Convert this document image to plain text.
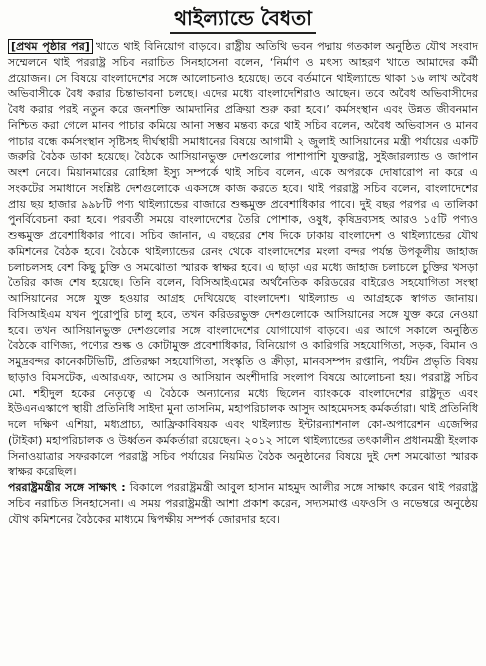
থাইল্যান্ডে বৈধতা

[প্রথম পৃষ্ঠার পর] খাতে থাই বিনিয়োগ বাড়বে। রাষ্ট্রীয় অতিথি ভবন পদ্মায় গতকাল অনুষ্ঠিত যৌথ সংবাদ সম্মেলনে থাই পররাষ্ট্র সচিব নরাচিত সিনহাসেনা বলেন, ‘নির্মাণ ও মৎস্য আহরণ খাতে আমাদের কর্মী প্রয়োজন। সে বিষয়ে বাংলাদেশের সঙ্গে আলোচনাও হয়েছে। তবে বর্তমানে থাইল্যান্ডে থাকা ১৬ লাখ অবৈধ অভিবাসীকে বৈধ করার চিন্তাভাবনা চলছে। এদের মধ্যে বাংলাদেশিরাও আছেন। তবে অবৈধ অভিবাসীদের বৈধ করার পরই নতুন করে জনশক্তি আমদানির প্রক্রিয়া শুরু করা হবে।’ কর্মসংস্থান এবং উন্নত জীবনমান নিশ্চিত করা গেলে মানব পাচার কমিয়ে আনা সম্ভব মন্তব্য করে থাই সচিব বলেন, অবৈধ অভিবাসন ও মানব পাচার বন্ধে কর্মসংস্থান সৃষ্টিসহ দীর্ঘস্থায়ী সমাধানের বিষয়ে আগামী ২ জুলাই আসিয়ানের মন্ত্রী পর্যায়ের একটি জরুরি বৈঠক ডাকা হয়েছে। বৈঠকে আসিয়ানভুক্ত দেশগুলোর পাশাপাশি যুক্তরাষ্ট্র, সুইজারল্যান্ড ও জাপান অংশ নেবে। মিয়ানমারের রোহিঙ্গা ইস্যু সম্পর্কে থাই সচিব বলেন, একে অপরকে দোষারোপ না করে এ সংকটের সমাধানে সংশ্লিষ্ট দেশগুলোকে একসঙ্গে কাজ করতে হবে। থাই পররাষ্ট্র সচিব বলেন, বাংলাদেশের প্রায় ছয় হাজার ৯৯৮টি পণ্য থাইল্যান্ডের বাজারে শুল্কমুক্ত প্রবেশাধিকার পাবে। দুই বছর পরপর এ তালিকা পুনর্বিবেচনা করা হবে। পরবর্তী সময়ে বাংলাদেশের তৈরি পোশাক, ওষুধ, কৃষিদ্রব্যসহ আরও ১৫টি পণ্যও শুল্কমুক্ত প্রবেশাধিকার পাবে। সচিব জানান, এ বছরের শেষ দিকে ঢাকায় বাংলাদেশ ও থাইল্যান্ডের যৌথ কমিশনের বৈঠক হবে। বৈঠকে থাইল্যান্ডের রেনং থেকে বাংলাদেশের মংলা বন্দর পর্যন্ত উপকূলীয় জাহাজ চলাচলসহ বেশ কিছু চুক্তি ও সমঝোতা স্মারক স্বাক্ষর হবে। এ ছাড়া এর মধ্যে জাহাজ চলাচলে চুক্তির খসড়া তৈরির কাজ শেষ হয়েছে। তিনি বলেন, বিসিআইএমের অর্থনৈতিক করিডরের বাইরেও সহযোগিতা সংস্থা আসিয়ানের সঙ্গে যুক্ত হওয়ার আগ্রহ দেখিয়েছে বাংলাদেশ। থাইল্যান্ড এ আগ্রহকে স্বাগত জানায়। বিসিআইএম যখন পুরোপুরি চালু হবে, তখন করিডরভুক্ত দেশগুলোকে আসিয়ানের সঙ্গে যুক্ত করে নেওয়া হবে। তখন আসিয়ানভুক্ত দেশগুলোর সঙ্গে বাংলাদেশের যোগাযোগ বাড়বে। এর আগে সকালে অনুষ্ঠিত বৈঠকে বাণিজ্য, পণ্যের শুল্ক ও কোটামুক্ত প্রবেশাধিকার, বিনিয়োগ ও কারিগরি সহযোগিতা, সড়ক, বিমান ও সমুদ্রবন্দর কানেকটিভিটি, প্রতিরক্ষা সহযোগিতা, সংস্কৃতি ও ক্রীড়া, মানবসম্পদ রপ্তানি, পর্যটন প্রভৃতি বিষয় ছাড়াও বিমসটেক, এআরএফ, আসেম ও আসিয়ান অংশীদারি সংলাপ বিষয়ে আলোচনা হয়। পররাষ্ট্র সচিব মো. শহীদুল হকের নেতৃত্বে এ বৈঠকে অন্যান্যের মধ্যে ছিলেন ব্যাংককে বাংলাদেশের রাষ্ট্রদূত এবং ইউএনএস্কাপে স্থায়ী প্রতিনিধি সাইদা মুনা তাসনিম, মহাপরিচালক আসুদ আহমেদসহ কর্মকর্তারা। থাই প্রতিনিধি দলে দক্ষিণ এশিয়া, মধ্যপ্রাচ্য, আফ্রিকাবিষয়ক এবং থাইল্যান্ড ইন্টারন্যাশনাল কো-অপারেশন এজেন্সির (টাইকা) মহাপরিচালক ও উর্ধ্বতন কর্মকর্তারা রয়েছেন। ২০১২ সালে থাইল্যান্ডের তৎকালীন প্রধানমন্ত্রী ইংলাক সিনাওয়াত্রার সফরকালে পররাষ্ট্র সচিব পর্যায়ের নিয়মিত বৈঠক অনুষ্ঠানের বিষয়ে দুই দেশ সমঝোতা স্মারক স্বাক্ষর করেছিল।

পররাষ্ট্রমন্ত্রীর সঙ্গে সাক্ষাৎ : বিকালে পররাষ্ট্রমন্ত্রী আবুল হাসান মাহমুদ আলীর সঙ্গে সাক্ষাৎ করেন থাই পররাষ্ট্র সচিব নরাচিত সিনহাসেনা। এ সময় পররাষ্ট্রমন্ত্রী আশা প্রকাশ করেন, সদ্যসমাপ্ত এফওসি ও নভেম্বরে অনুষ্ঠেয় যৌথ কমিশনের বৈঠকের মাধ্যমে দ্বিপক্ষীয় সম্পর্ক জোরদার হবে।
